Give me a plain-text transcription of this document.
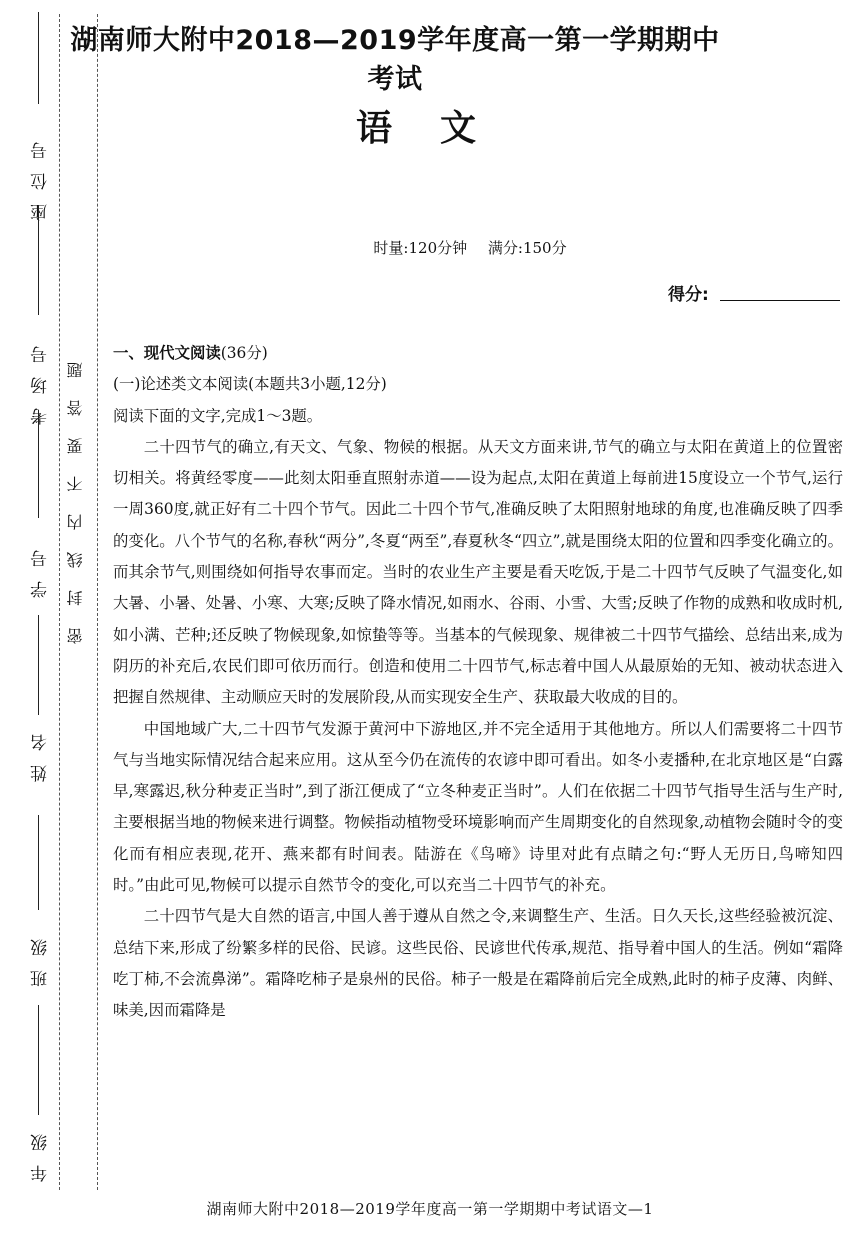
座位号
考场号
学号
姓名
班级
年级
密封线内不要答题
湖南师大附中2018—2019学年度高一第一学期期中考试
语文
时量:120分钟 满分:150分
得分:

一、现代文阅读(36分)

(一)论述类文本阅读(本题共3小题,12分)

阅读下面的文字,完成1～3题。

二十四节气的确立,有天文、气象、物候的根据。从天文方面来讲,节气的确立与太阳在黄道上的位置密切相关。将黄经零度——此刻太阳垂直照射赤道——设为起点,太阳在黄道上每前进15度设立一个节气,运行一周360度,就正好有二十四个节气。因此二十四个节气,准确反映了太阳照射地球的角度,也准确反映了四季的变化。八个节气的名称,春秋“两分”,冬夏“两至”,春夏秋冬“四立”,就是围绕太阳的位置和四季变化确立的。而其余节气,则围绕如何指导农事而定。当时的农业生产主要是看天吃饭,于是二十四节气反映了气温变化,如大暑、小暑、处暑、小寒、大寒;反映了降水情况,如雨水、谷雨、小雪、大雪;反映了作物的成熟和收成时机,如小满、芒种;还反映了物候现象,如惊蛰等等。当基本的气候现象、规律被二十四节气描绘、总结出来,成为阴历的补充后,农民们即可依历而行。创造和使用二十四节气,标志着中国人从最原始的无知、被动状态进入把握自然规律、主动顺应天时的发展阶段,从而实现安全生产、获取最大收成的目的。

中国地域广大,二十四节气发源于黄河中下游地区,并不完全适用于其他地方。所以人们需要将二十四节气与当地实际情况结合起来应用。这从至今仍在流传的农谚中即可看出。如冬小麦播种,在北京地区是“白露早,寒露迟,秋分种麦正当时”,到了浙江便成了“立冬种麦正当时”。人们在依据二十四节气指导生活与生产时,主要根据当地的物候来进行调整。物候指动植物受环境影响而产生周期变化的自然现象,动植物会随时令的变化而有相应表现,花开、燕来都有时间表。陆游在《鸟啼》诗里对此有点睛之句:“野人无历日,鸟啼知四时。”由此可见,物候可以提示自然节令的变化,可以充当二十四节气的补充。

二十四节气是大自然的语言,中国人善于遵从自然之令,来调整生产、生活。日久天长,这些经验被沉淀、总结下来,形成了纷繁多样的民俗、民谚。这些民俗、民谚世代传承,规范、指导着中国人的生活。例如“霜降吃丁柿,不会流鼻涕”。霜降吃柿子是泉州的民俗。柿子一般是在霜降前后完全成熟,此时的柿子皮薄、肉鲜、味美,因而霜降是

湖南师大附中2018—2019学年度高一第一学期期中考试语文—1
